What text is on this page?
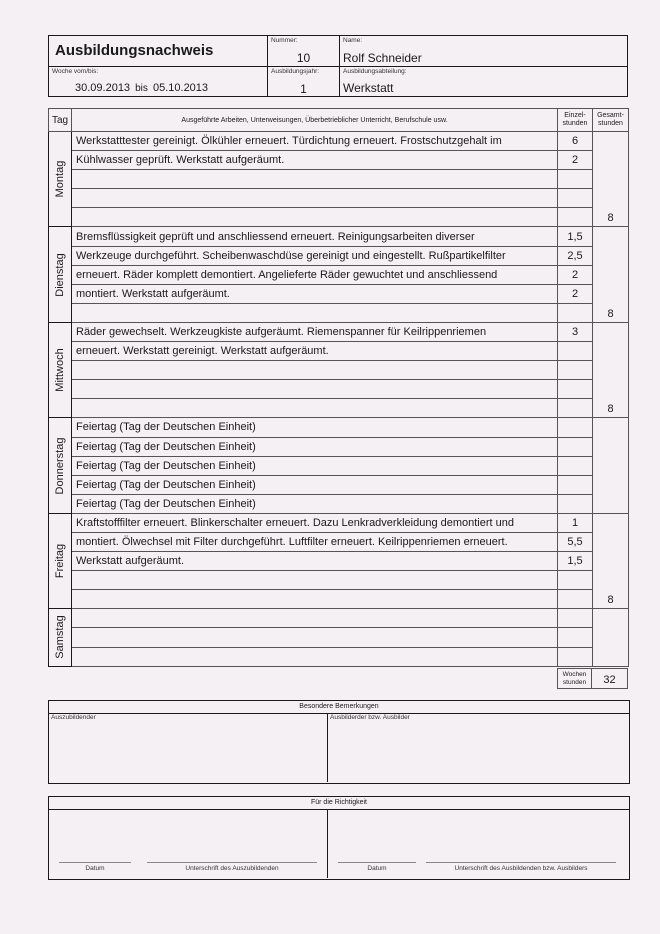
Ausbildungsnachweis
Nummer:
10
Name:
Rolf Schneider
Woche vom/bis:
30.09.2013 bis 05.10.2013
Ausbildungsjahr:
1
Ausbildungsabteilung:
Werkstatt
Tag	Ausgeführte Arbeiten, Unterweisungen, Überbetrieblicher Unterricht, Berufschule usw.	Einzel-stunden	Gesamt-stunden

Montag	Werkstatttester gereinigt. Ölkühler erneuert. Türdichtung erneuert. Frostschutzgehalt im	6	8
	Kühlwasser geprüft. Werkstatt aufgeräumt.	2	

Dienstag	Bremsflüssigkeit geprüft und anschliessend erneuert. Reinigungsarbeiten diverser	1,5	8
	Werkzeuge durchgeführt. Scheibenwaschdüse gereinigt und eingestellt. Rußpartikelfilter	2,5	
	erneuert. Räder komplett demontiert. Angelieferte Räder gewuchtet und anschliessend	2	
	montiert. Werkstatt aufgeräumt.	2	

Mittwoch	Räder gewechselt. Werkzeugkiste aufgeräumt. Riemenspanner für Keilrippenriemen	3	8
	erneuert. Werkstatt gereinigt. Werkstatt aufgeräumt.		

Donnerstag	Feiertag (Tag der Deutschen Einheit)		
	Feiertag (Tag der Deutschen Einheit)		
	Feiertag (Tag der Deutschen Einheit)		
	Feiertag (Tag der Deutschen Einheit)		
	Feiertag (Tag der Deutschen Einheit)		

Freitag	Kraftstofffilter erneuert. Blinkerschalter erneuert. Dazu Lenkradverkleidung demontiert und	1	8
	montiert. Ölwechsel mit Filter durchgeführt. Luftfilter erneuert. Keilrippenriemen erneuert.	5,5	
	Werkstatt aufgeräumt.	1,5	

Samstag			

Wochen stunden	32
Besondere Bemerkungen
Auszubildender	Ausbilderder bzw. Ausbilder
Für die Richtigkeit
Datum	Unterschrift des Auszubildenden	Datum	Unterschrift des Ausbildenden bzw. Ausbilders
